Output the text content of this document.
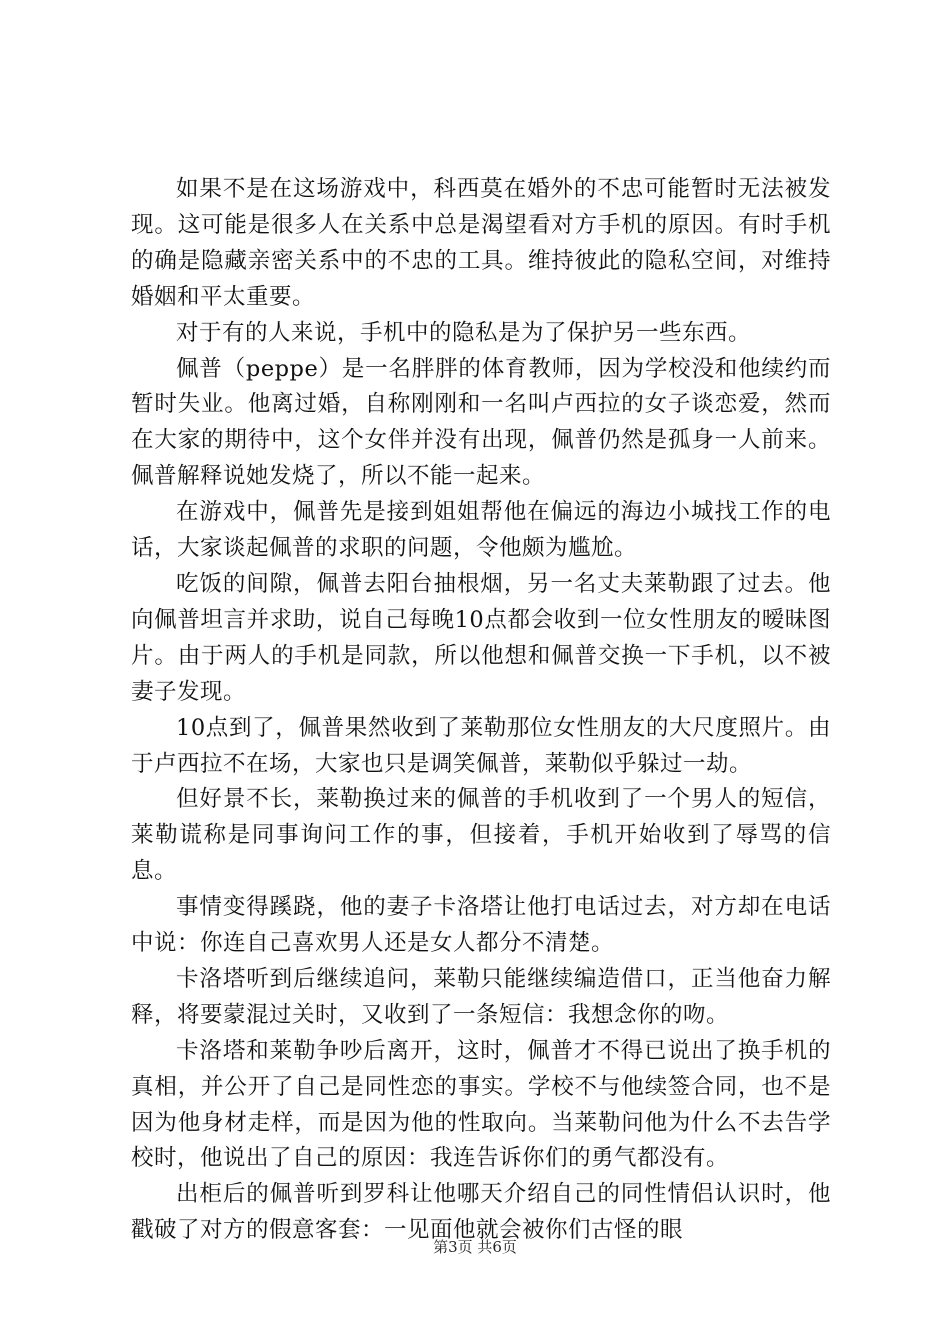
如果不是在这场游戏中，科西莫在婚外的不忠可能暂时无法被发现。这可能是很多人在关系中总是渴望看对方手机的原因。有时手机的确是隐藏亲密关系中的不忠的工具。维持彼此的隐私空间，对维持婚姻和平太重要。

对于有的人来说，手机中的隐私是为了保护另一些东西。

佩普（peppe）是一名胖胖的体育教师，因为学校没和他续约而暂时失业。他离过婚，自称刚刚和一名叫卢西拉的女子谈恋爱，然而在大家的期待中，这个女伴并没有出现，佩普仍然是孤身一人前来。佩普解释说她发烧了，所以不能一起来。

在游戏中，佩普先是接到姐姐帮他在偏远的海边小城找工作的电话，大家谈起佩普的求职的问题，令他颇为尴尬。

吃饭的间隙，佩普去阳台抽根烟，另一名丈夫莱勒跟了过去。他向佩普坦言并求助，说自己每晚10点都会收到一位女性朋友的暧昧图片。由于两人的手机是同款，所以他想和佩普交换一下手机，以不被妻子发现。

10点到了，佩普果然收到了莱勒那位女性朋友的大尺度照片。由于卢西拉不在场，大家也只是调笑佩普，莱勒似乎躲过一劫。

但好景不长，莱勒换过来的佩普的手机收到了一个男人的短信，莱勒谎称是同事询问工作的事，但接着，手机开始收到了辱骂的信息。

事情变得蹊跷，他的妻子卡洛塔让他打电话过去，对方却在电话中说：你连自己喜欢男人还是女人都分不清楚。

卡洛塔听到后继续追问，莱勒只能继续编造借口，正当他奋力解释，将要蒙混过关时，又收到了一条短信：我想念你的吻。

卡洛塔和莱勒争吵后离开，这时，佩普才不得已说出了换手机的真相，并公开了自己是同性恋的事实。学校不与他续签合同，也不是因为他身材走样，而是因为他的性取向。当莱勒问他为什么不去告学校时，他说出了自己的原因：我连告诉你们的勇气都没有。

出柜后的佩普听到罗科让他哪天介绍自己的同性情侣认识时，他戳破了对方的假意客套：一见面他就会被你们古怪的眼

第3页 共6页
